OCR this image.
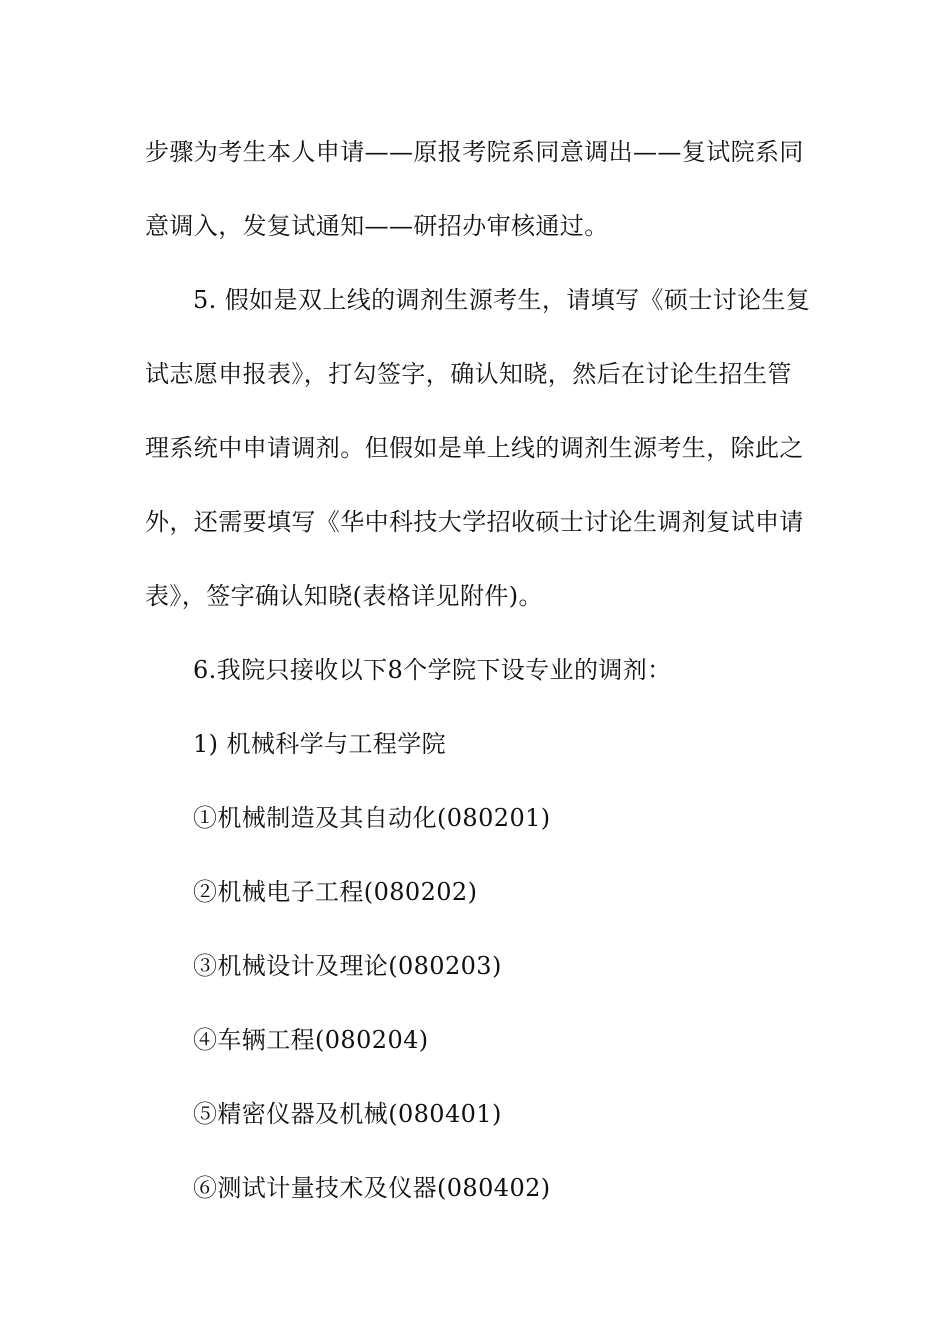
步骤为考生本人申请——原报考院系同意调出——复试院系同
意调入，发复试通知——研招办审核通过。
5. 假如是双上线的调剂生源考生，请填写《硕士讨论生复
试志愿申报表》，打勾签字，确认知晓，然后在讨论生招生管
理系统中申请调剂。但假如是单上线的调剂生源考生，除此之
外，还需要填写《华中科技大学招收硕士讨论生调剂复试申请
表》，签字确认知晓(表格详见附件)。
6.我院只接收以下8个学院下设专业的调剂：
1) 机械科学与工程学院
①机械制造及其自动化(080201)
②机械电子工程(080202)
③机械设计及理论(080203)
④车辆工程(080204)
⑤精密仪器及机械(080401)
⑥测试计量技术及仪器(080402)
